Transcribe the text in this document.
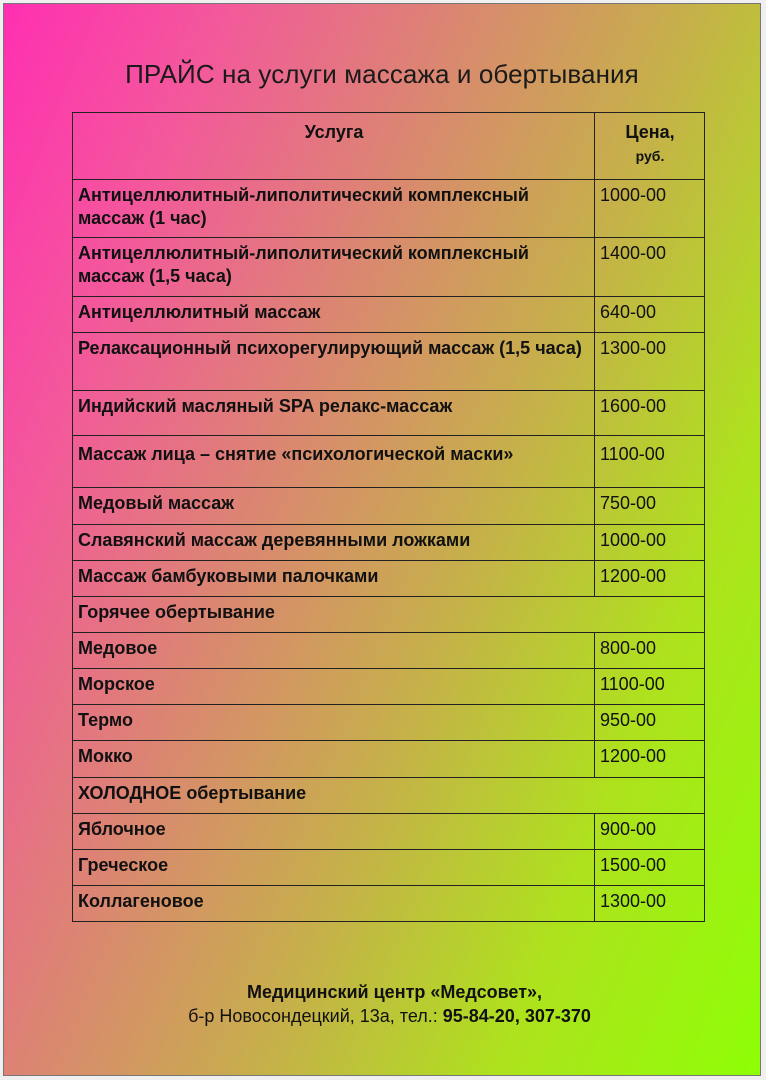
ПРАЙС на услуги массажа и обертывания
Услуга	Цена,
руб.

Антицеллюлитный-липолитический комплексный массаж (1 час)	1000-00
Антицеллюлитный-липолитический комплексный массаж (1,5 часа)	1400-00
Антицеллюлитный массаж	640-00
Релаксационный психорегулирующий массаж (1,5 часа)	1300-00
Индийский масляный SPA релакс-массаж	1600-00
Массаж лица – снятие «психологической маски»	1100-00
Медовый массаж	750-00
Славянский массаж деревянными ложками	1000-00
Массаж бамбуковыми палочками	1200-00
Горячее обертывание	
Медовое	800-00
Морское	1100-00
Термо	950-00
Мокко	1200-00
ХОЛОДНОЕ обертывание	
Яблочное	900-00
Греческое	1500-00
Коллагеновое	1300-00
Медицинский центр «Медсовет»,
б-р Новосондецкий, 13а, тел.: 95-84-20, 307-370
